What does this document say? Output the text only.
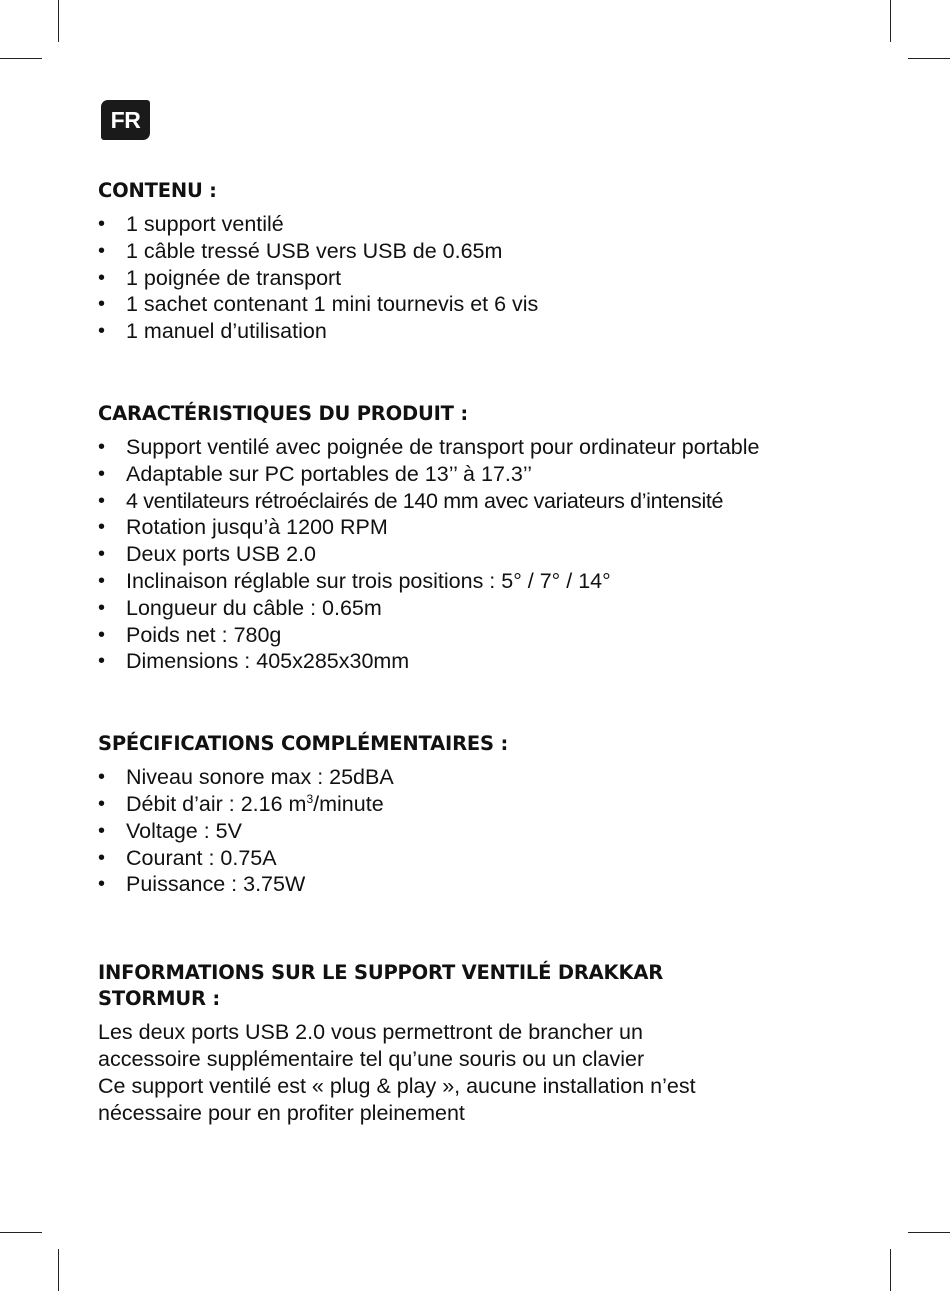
FR
CONTENU :
• 1 support ventilé
• 1 câble tressé USB vers USB de 0.65m
• 1 poignée de transport
• 1 sachet contenant 1 mini tournevis et 6 vis
• 1 manuel d’utilisation
CARACTÉRISTIQUES DU PRODUIT :
• Support ventilé avec poignée de transport pour ordinateur portable
• Adaptable sur PC portables de 13’’ à 17.3’’
• 4 ventilateurs rétroéclairés de 140 mm avec variateurs d’intensité
• Rotation jusqu’à 1200 RPM
• Deux ports USB 2.0
• Inclinaison réglable sur trois positions : 5° / 7° / 14°
• Longueur du câble : 0.65m
• Poids net : 780g
• Dimensions : 405x285x30mm
SPÉCIFICATIONS COMPLÉMENTAIRES :
• Niveau sonore max : 25dBA
• Débit d’air : 2.16 $m^3$/minute
• Voltage : 5V
• Courant : 0.75A
• Puissance : 3.75W
INFORMATIONS SUR LE SUPPORT VENTILÉ DRAKKAR
STORMUR :

Les deux ports USB 2.0 vous permettront de brancher un
accessoire supplémentaire tel qu’une souris ou un clavier
Ce support ventilé est « plug & play », aucune installation n’est
nécessaire pour en profiter pleinement
